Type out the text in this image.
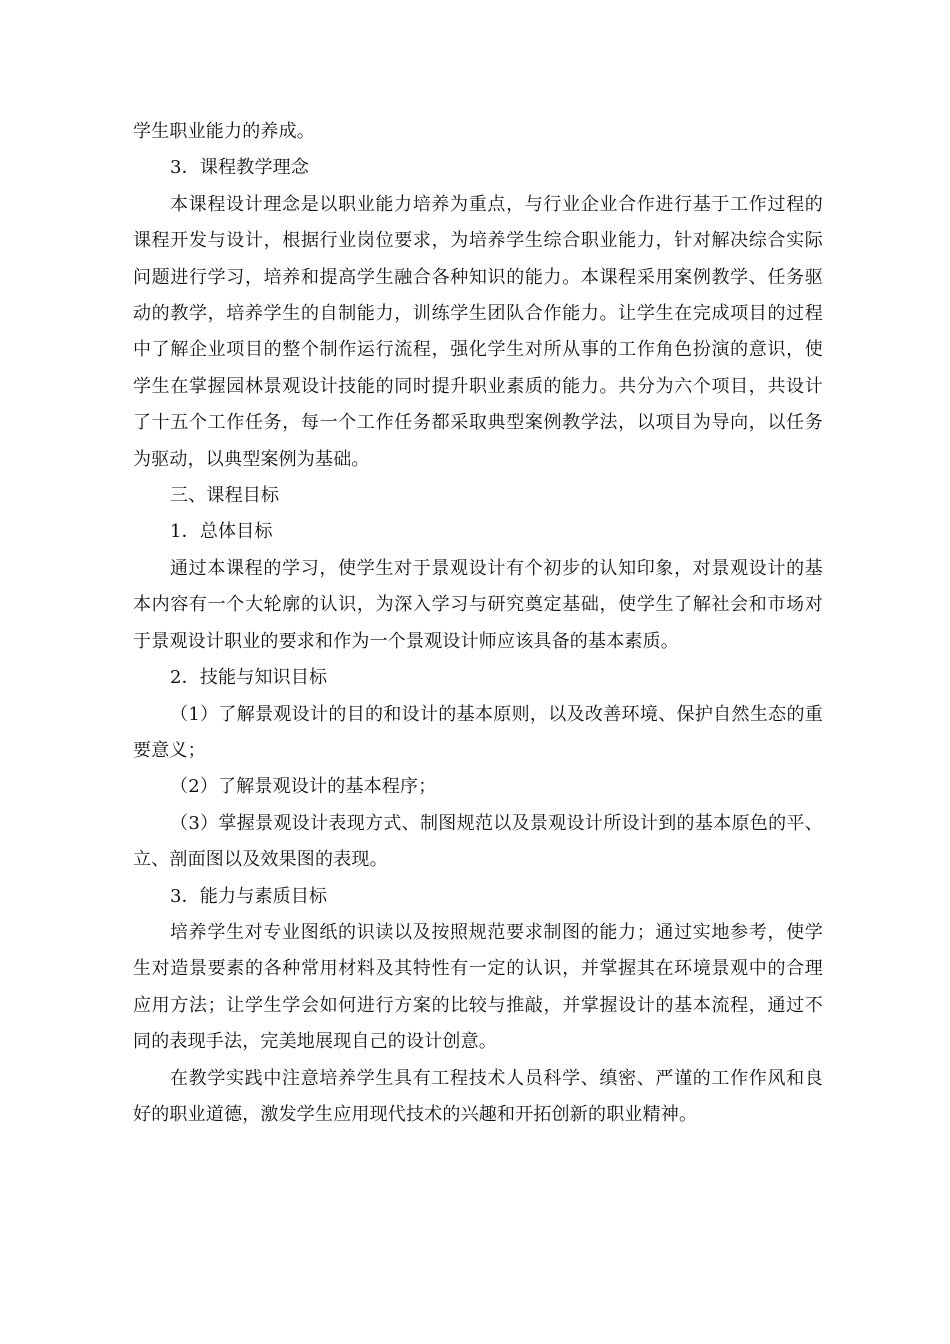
学生职业能力的养成。

3．课程教学理念

本课程设计理念是以职业能力培养为重点，与行业企业合作进行基于工作过程的课程开发与设计，根据行业岗位要求，为培养学生综合职业能力，针对解决综合实际问题进行学习，培养和提高学生融合各种知识的能力。本课程采用案例教学、任务驱动的教学，培养学生的自制能力，训练学生团队合作能力。让学生在完成项目的过程中了解企业项目的整个制作运行流程，强化学生对所从事的工作角色扮演的意识，使学生在掌握园林景观设计技能的同时提升职业素质的能力。共分为六个项目，共设计了十五个工作任务，每一个工作任务都采取典型案例教学法，以项目为导向，以任务为驱动，以典型案例为基础。

三、课程目标

1．总体目标

通过本课程的学习，使学生对于景观设计有个初步的认知印象，对景观设计的基本内容有一个大轮廓的认识，为深入学习与研究奠定基础，使学生了解社会和市场对于景观设计职业的要求和作为一个景观设计师应该具备的基本素质。

2．技能与知识目标

（1）了解景观设计的目的和设计的基本原则，以及改善环境、保护自然生态的重要意义；

（2）了解景观设计的基本程序；

（3）掌握景观设计表现方式、制图规范以及景观设计所设计到的基本原色的平、立、剖面图以及效果图的表现。

3．能力与素质目标

培养学生对专业图纸的识读以及按照规范要求制图的能力；通过实地参考，使学生对造景要素的各种常用材料及其特性有一定的认识，并掌握其在环境景观中的合理应用方法；让学生学会如何进行方案的比较与推敲，并掌握设计的基本流程，通过不同的表现手法，完美地展现自己的设计创意。

在教学实践中注意培养学生具有工程技术人员科学、缜密、严谨的工作作风和良好的职业道德，激发学生应用现代技术的兴趣和开拓创新的职业精神。
